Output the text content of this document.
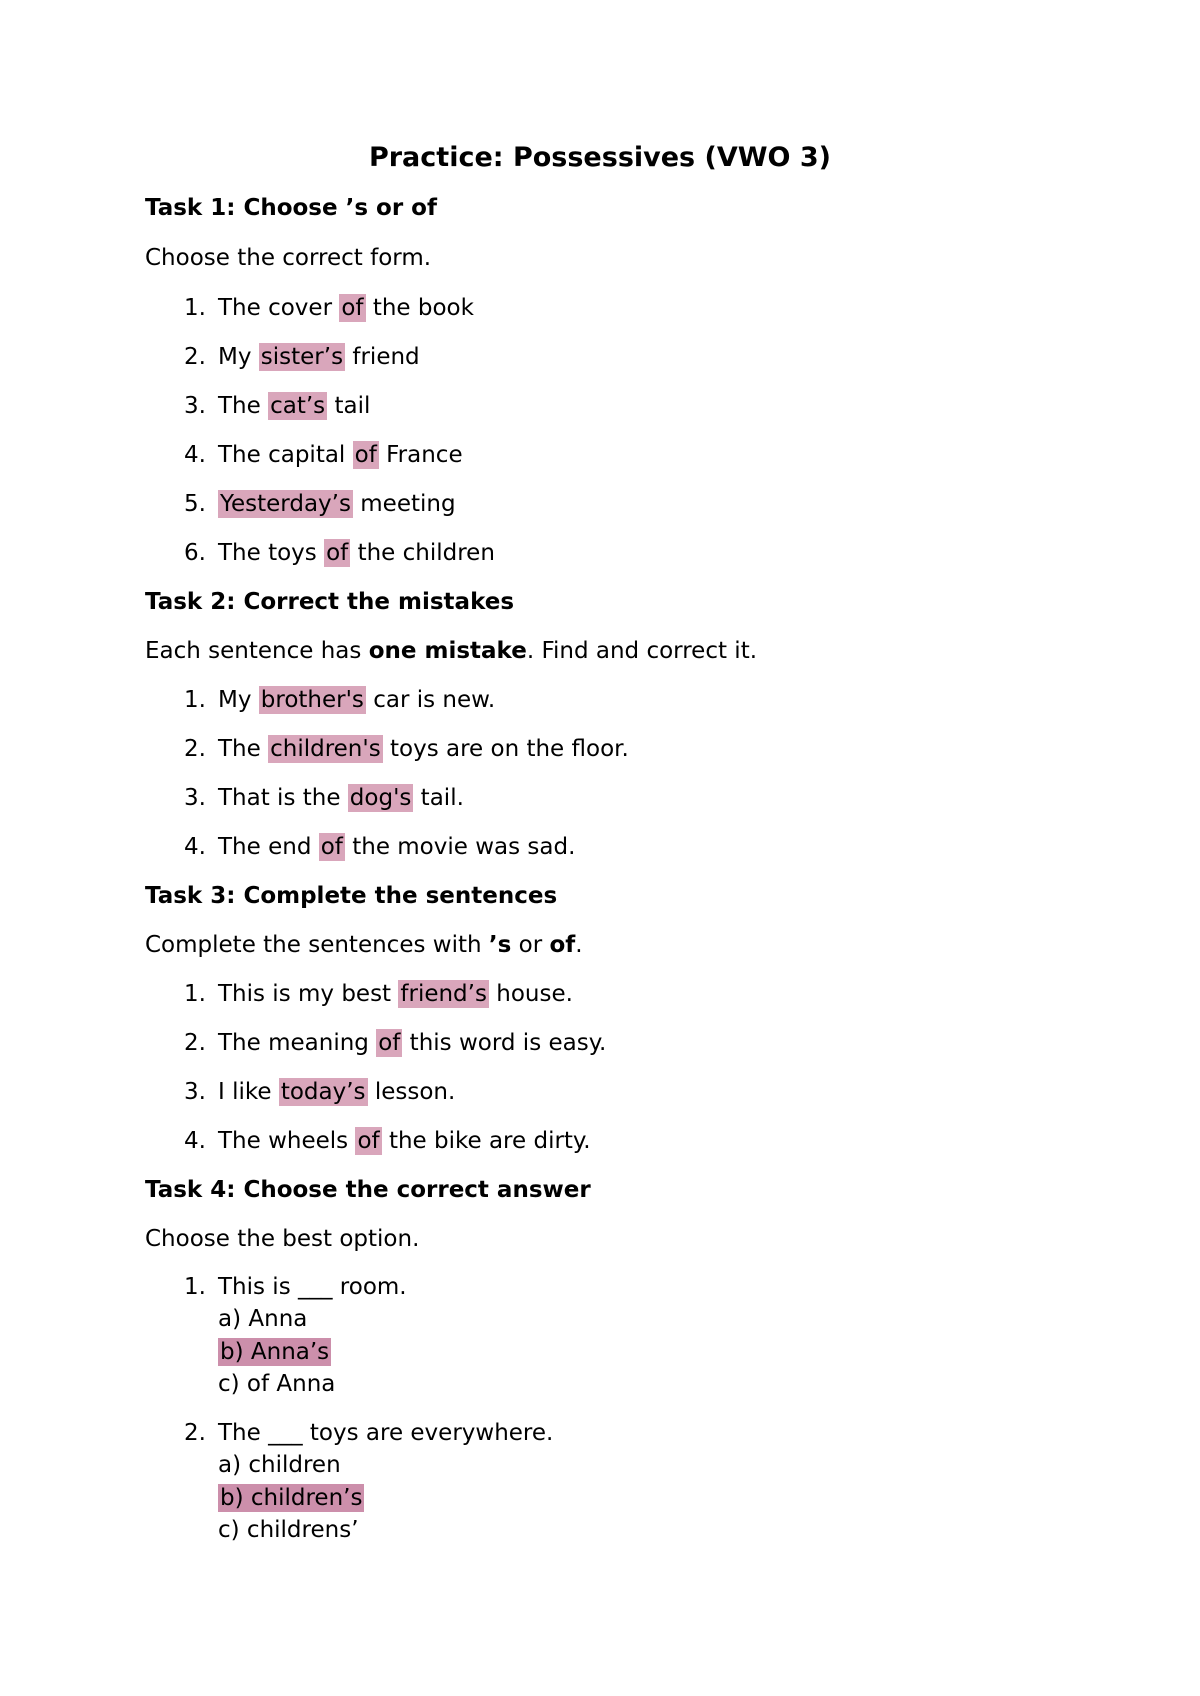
Practice: Possessives (VWO 3)
Task 1: Choose ’s or of
Choose the correct form.
1. The cover of the book
2. My sister’s friend
3. The cat’s tail
4. The capital of France
5. Yesterday’s meeting
6. The toys of the children
Task 2: Correct the mistakes
Each sentence has one mistake. Find and correct it.
1. My brother's car is new.
2. The children's toys are on the floor.
3. That is the dog's tail.
4. The end of the movie was sad.
Task 3: Complete the sentences
Complete the sentences with ’s or of.
1. This is my best friend’s house.
2. The meaning of this word is easy.
3. I like today’s lesson.
4. The wheels of the bike are dirty.
Task 4: Choose the correct answer
Choose the best option.
1. This is ___ room.
a) Anna
b) Anna’s
c) of Anna
2. The ___ toys are everywhere.
a) children
b) children’s
c) childrens’
